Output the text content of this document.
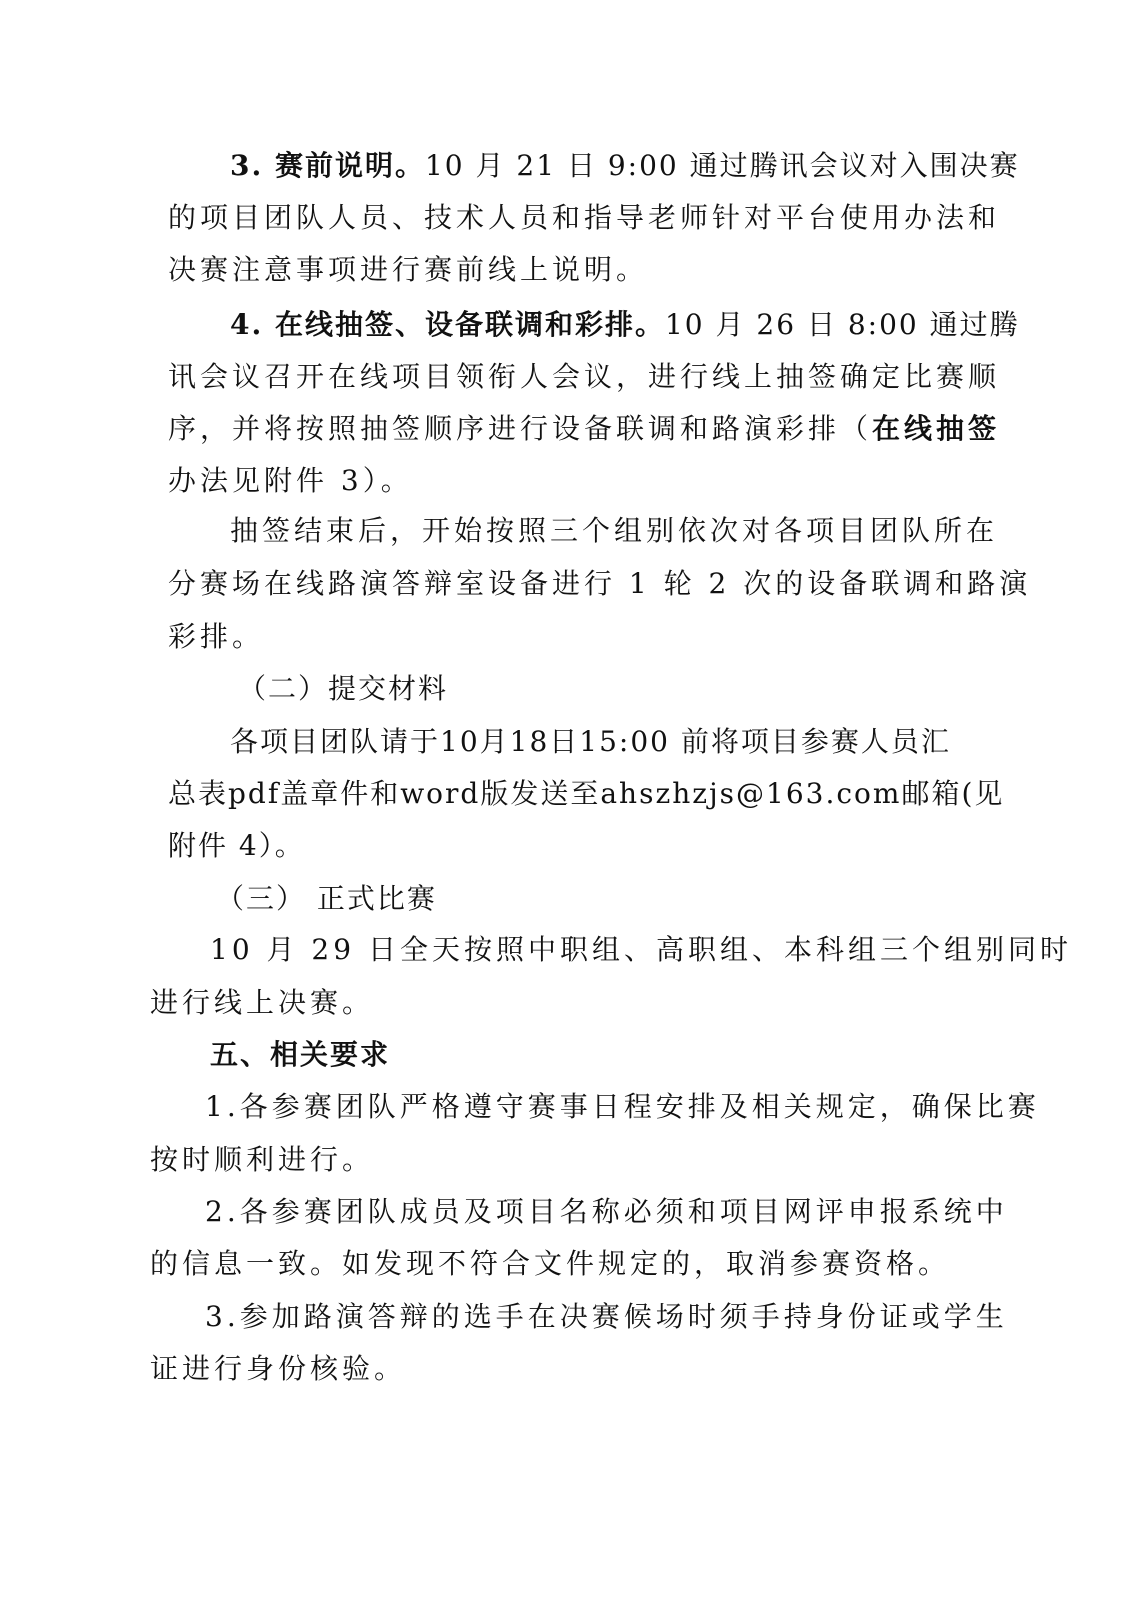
3. 赛前说明。10 月 21 日 9:00 通过腾讯会议对入围决赛
的项目团队人员、技术人员和指导老师针对平台使用办法和
决赛注意事项进行赛前线上说明。
4. 在线抽签、设备联调和彩排。10 月 26 日 8:00 通过腾
讯会议召开在线项目领衔人会议，进行线上抽签确定比赛顺
序，并将按照抽签顺序进行设备联调和路演彩排（在线抽签
办法见附件 3）。
抽签结束后，开始按照三个组别依次对各项目团队所在
分赛场在线路演答辩室设备进行 1 轮 2 次的设备联调和路演
彩排。
（二）提交材料
各项目团队请于10月18日15:00 前将项目参赛人员汇
总表pdf盖章件和word版发送至ahszhzjs@163.com邮箱(见
附件 4）。
（三） 正式比赛
10 月 29 日全天按照中职组、高职组、本科组三个组别同时
进行线上决赛。
五、相关要求
1.各参赛团队严格遵守赛事日程安排及相关规定，确保比赛
按时顺利进行。
2.各参赛团队成员及项目名称必须和项目网评申报系统中
的信息一致。如发现不符合文件规定的，取消参赛资格。
3.参加路演答辩的选手在决赛候场时须手持身份证或学生
证进行身份核验。
